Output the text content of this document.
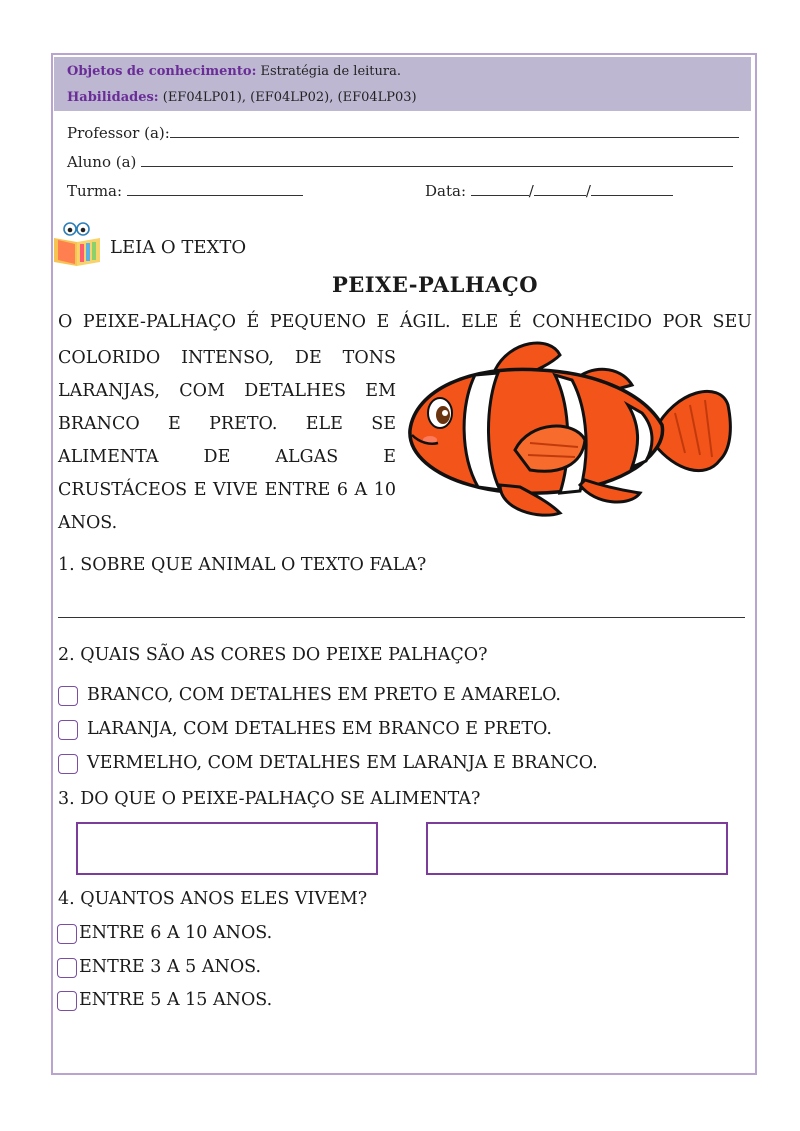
Objetos de conhecimento: Estratégia de leitura.
Habilidades: (EF04LP01), (EF04LP02), (EF04LP03)
Professor (a):
Aluno (a)
Turma:	Data:	/	/
LEIA O TEXTO
PEIXE-PALHAÇO
O PEIXE-PALHAÇO É PEQUENO E ÁGIL. ELE É CONHECIDO POR SEU
COLORIDO INTENSO, DE TONS
LARANJAS, COM DETALHES EM
BRANCO E PRETO. ELE SE
ALIMENTA DE ALGAS E
CRUSTÁCEOS E VIVE ENTRE 6 A 10
ANOS.
1. SOBRE QUE ANIMAL O TEXTO FALA?
2. QUAIS SÃO AS CORES DO PEIXE PALHAÇO?
BRANCO, COM DETALHES EM PRETO E AMARELO.
LARANJA, COM DETALHES EM BRANCO E PRETO.
VERMELHO, COM DETALHES EM LARANJA E BRANCO.
3. DO QUE O PEIXE-PALHAÇO SE ALIMENTA?
4. QUANTOS ANOS ELES VIVEM?
ENTRE 6 A 10 ANOS.
ENTRE 3 A 5 ANOS.
ENTRE 5 A 15 ANOS.
